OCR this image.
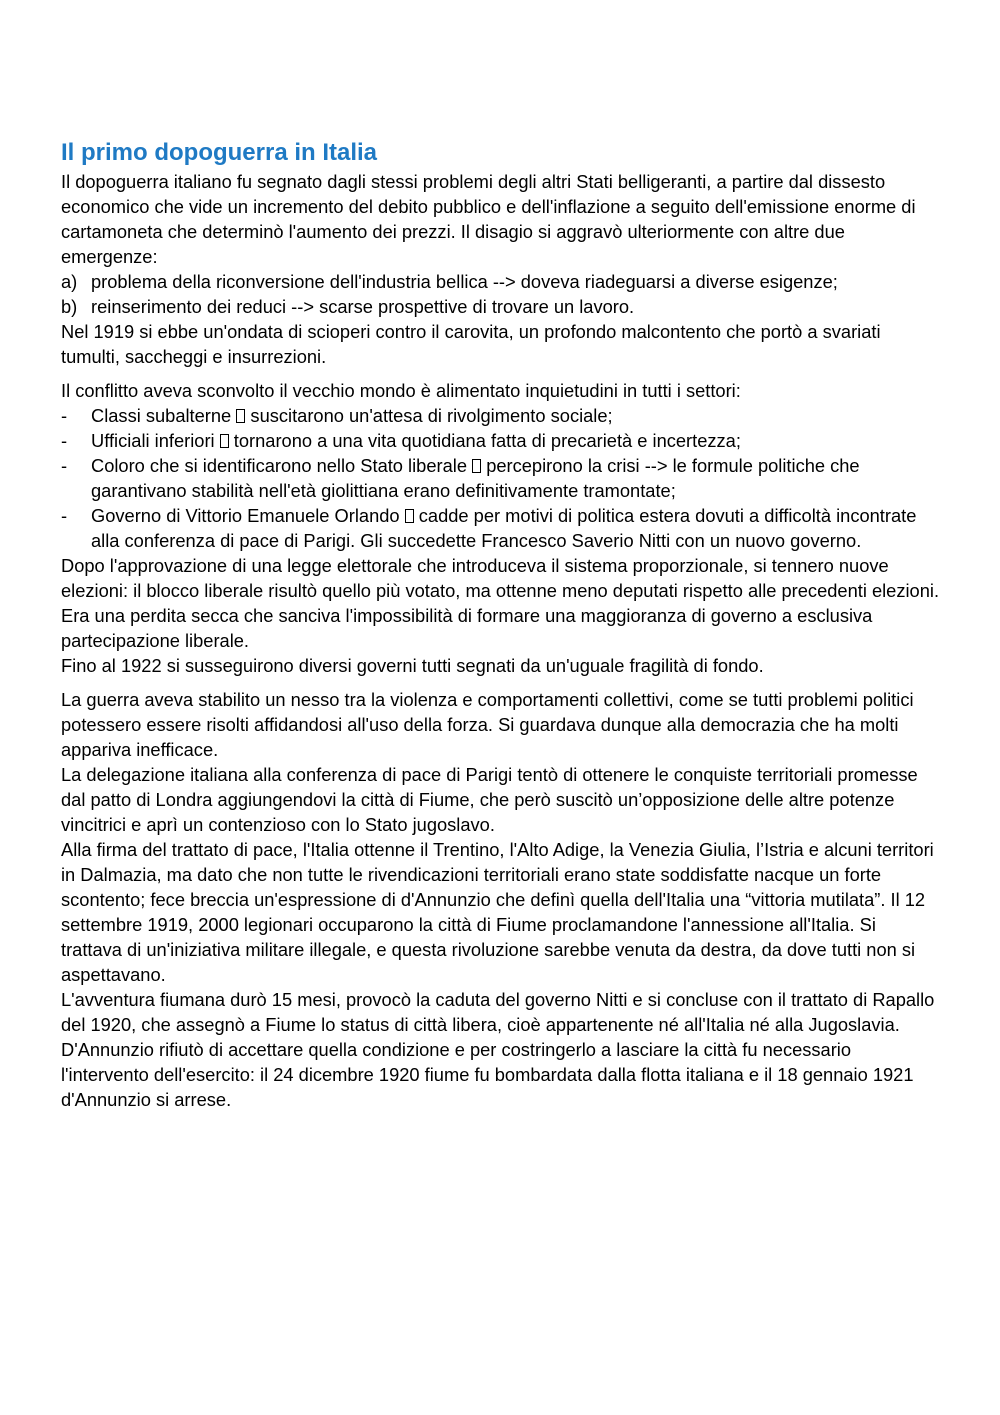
Il primo dopoguerra in Italia

Il dopoguerra italiano fu segnato dagli stessi problemi degli altri Stati belligeranti, a partire dal dissesto economico che vide un incremento del debito pubblico e dell'inflazione a seguito dell'emissione enorme di cartamoneta che determinò l'aumento dei prezzi. Il disagio si aggravò ulteriormente con altre due emergenze:

a) problema della riconversione dell'industria bellica --> doveva riadeguarsi a diverse esigenze;
b) reinserimento dei reduci --> scarse prospettive di trovare un lavoro.

Nel 1919 si ebbe un'ondata di scioperi contro il carovita, un profondo malcontento che portò a svariati tumulti, saccheggi e insurrezioni.

Il conflitto aveva sconvolto il vecchio mondo è alimentato inquietudini in tutti i settori:

-	Classi subalterne suscitarono un'attesa di rivolgimento sociale;
-	Ufficiali inferiori tornarono a una vita quotidiana fatta di precarietà e incertezza;
-	Coloro che si identificarono nello Stato liberale percepirono la crisi --> le formule politiche che garantivano stabilità nell'età giolittiana erano definitivamente tramontate;
-	Governo di Vittorio Emanuele Orlando cadde per motivi di politica estera dovuti a difficoltà incontrate alla conferenza di pace di Parigi. Gli succedette Francesco Saverio Nitti con un nuovo governo.

Dopo l'approvazione di una legge elettorale che introduceva il sistema proporzionale, si tennero nuove elezioni: il blocco liberale risultò quello più votato, ma ottenne meno deputati rispetto alle precedenti elezioni. Era una perdita secca che sanciva l'impossibilità di formare una maggioranza di governo a esclusiva partecipazione liberale.

Fino al 1922 si susseguirono diversi governi tutti segnati da un'uguale fragilità di fondo.

La guerra aveva stabilito un nesso tra la violenza e comportamenti collettivi, come se tutti problemi politici potessero essere risolti affidandosi all'uso della forza. Si guardava dunque alla democrazia che ha molti appariva inefficace.

La delegazione italiana alla conferenza di pace di Parigi tentò di ottenere le conquiste territoriali promesse dal patto di Londra aggiungendovi la città di Fiume, che però suscitò un’opposizione delle altre potenze vincitrici e aprì un contenzioso con lo Stato jugoslavo.

Alla firma del trattato di pace, l'Italia ottenne il Trentino, l'Alto Adige, la Venezia Giulia, l’Istria e alcuni territori in Dalmazia, ma dato che non tutte le rivendicazioni territoriali erano state soddisfatte nacque un forte scontento; fece breccia un'espressione di d'Annunzio che definì quella dell'Italia una “vittoria mutilata”. Il 12 settembre 1919, 2000 legionari occuparono la città di Fiume proclamandone l'annessione all'Italia. Si trattava di un'iniziativa militare illegale, e questa rivoluzione sarebbe venuta da destra, da dove tutti non si aspettavano.

L'avventura fiumana durò 15 mesi, provocò la caduta del governo Nitti e si concluse con il trattato di Rapallo del 1920, che assegnò a Fiume lo status di città libera, cioè appartenente né all'Italia né alla Jugoslavia. D'Annunzio rifiutò di accettare quella condizione e per costringerlo a lasciare la città fu necessario l'intervento dell'esercito: il 24 dicembre 1920 fiume fu bombardata dalla flotta italiana e il 18 gennaio 1921 d'Annunzio si arrese.
